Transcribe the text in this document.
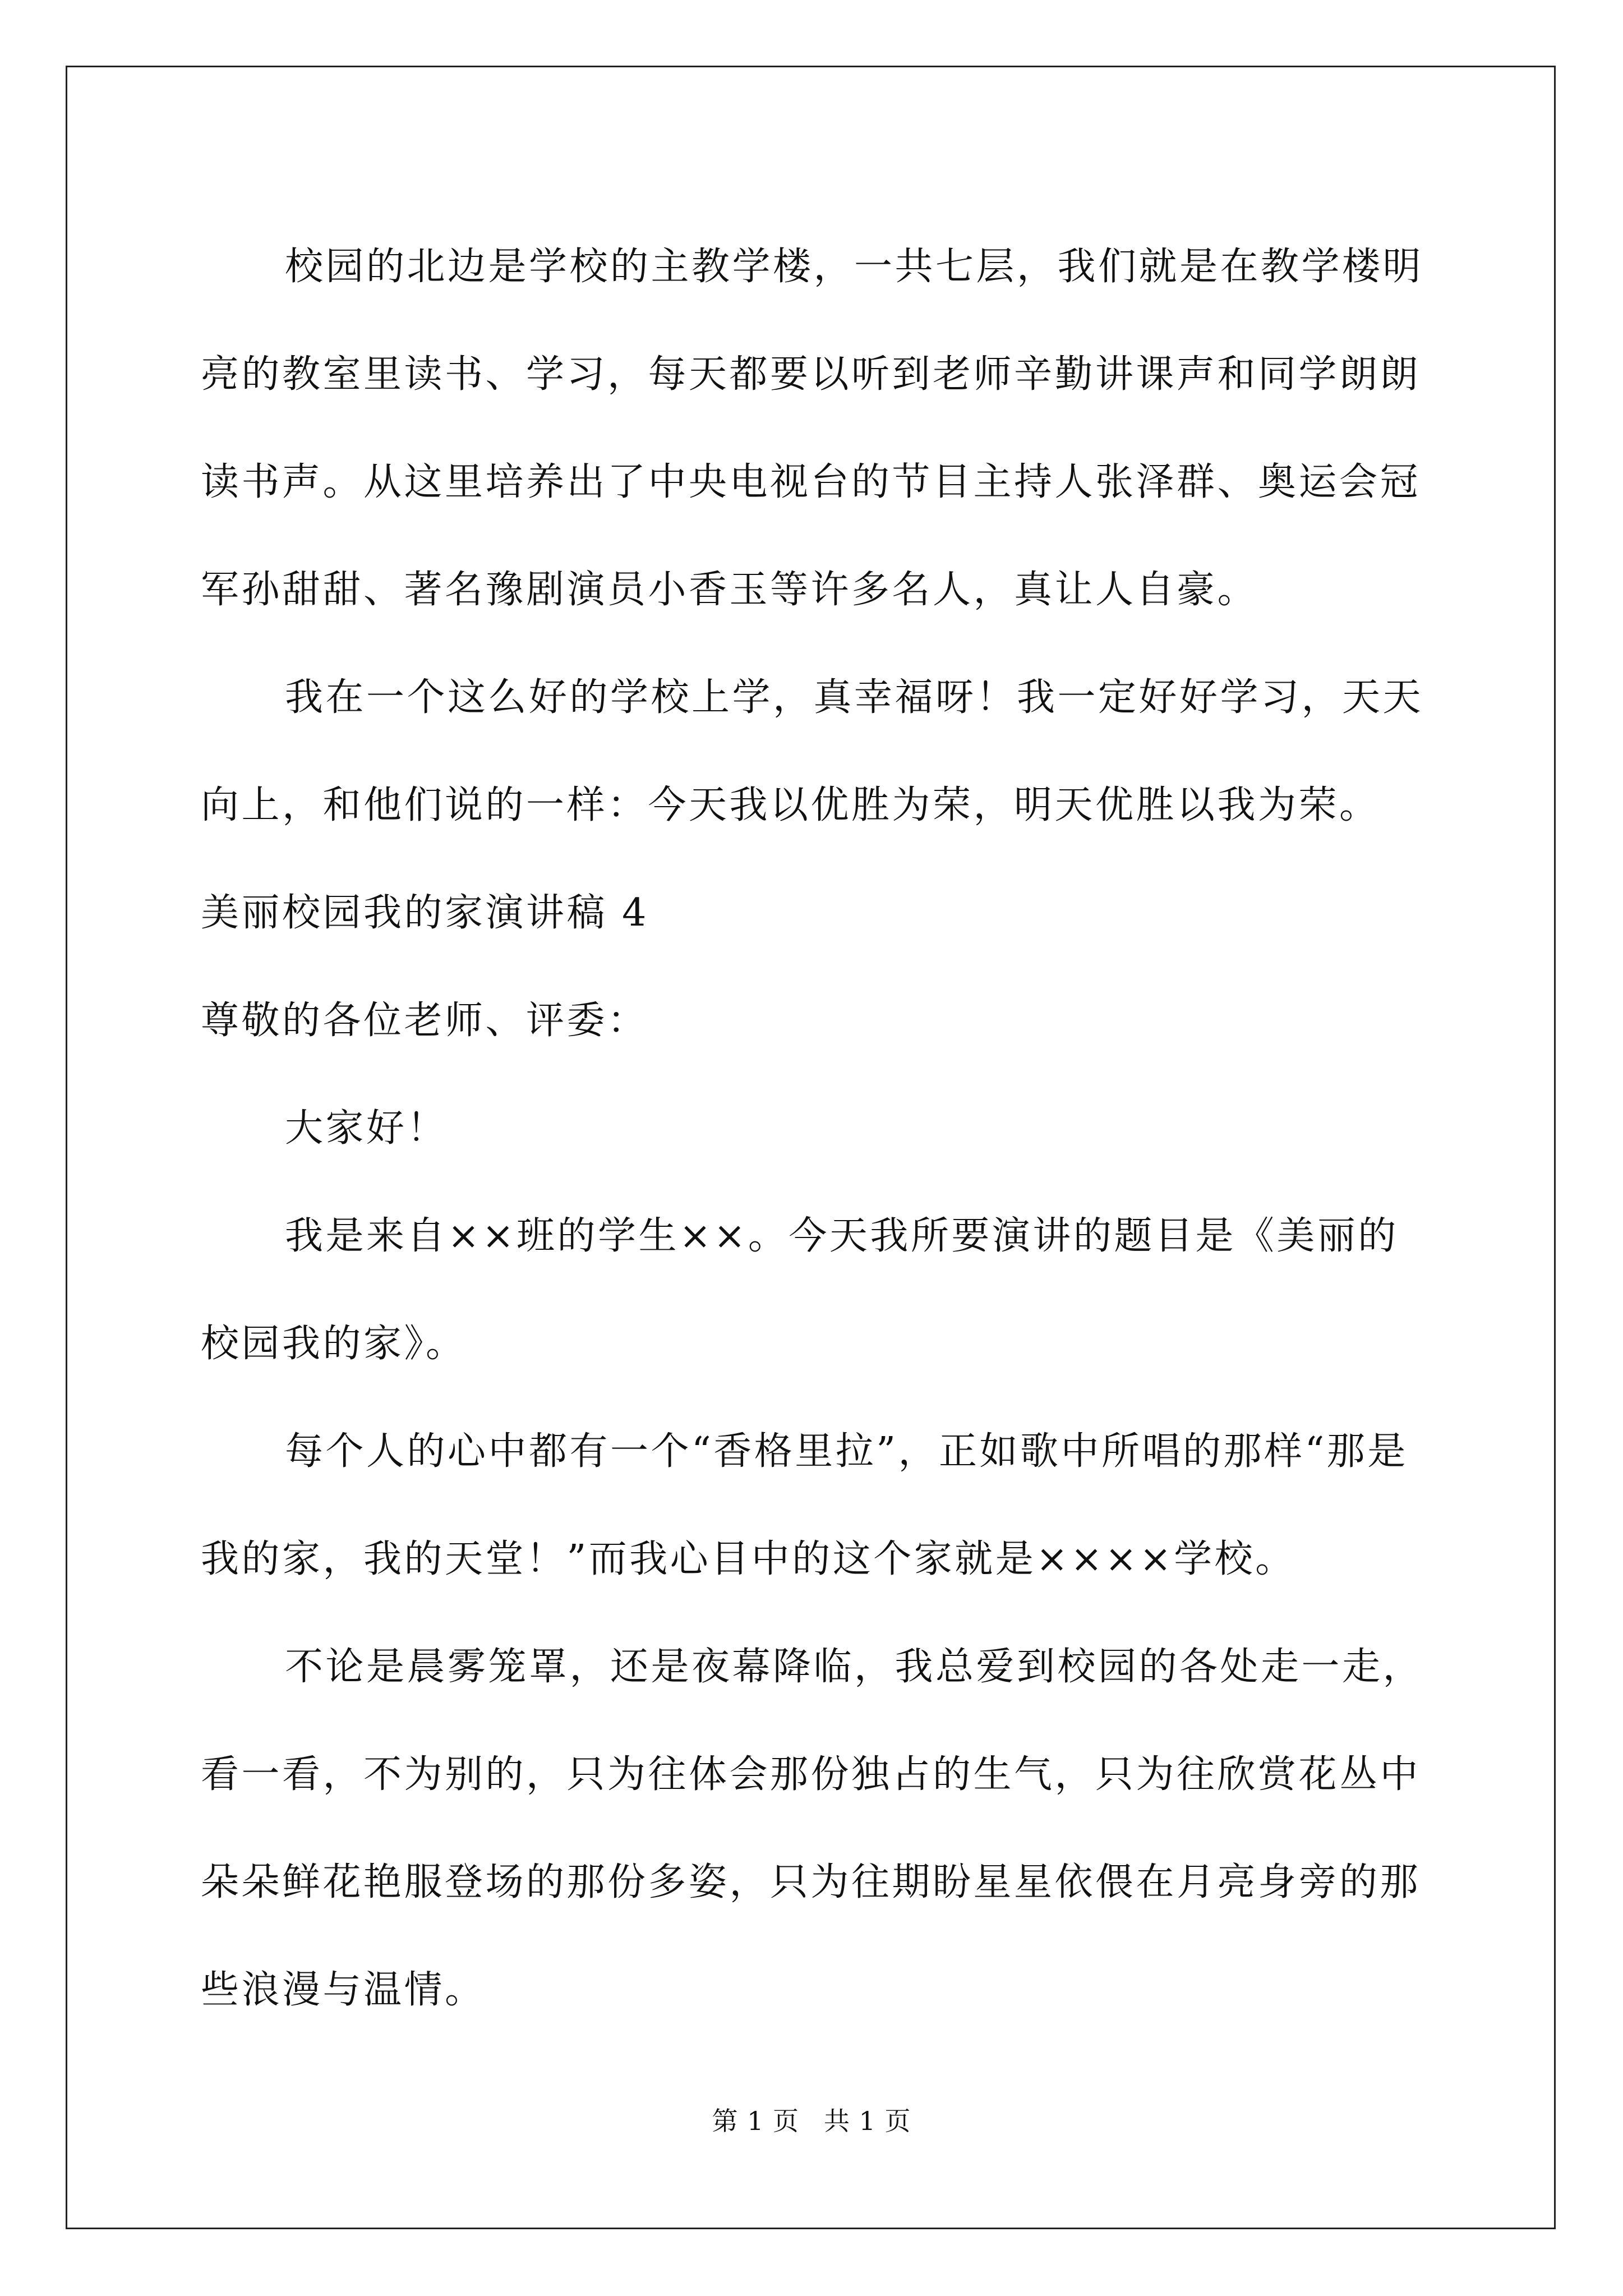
校园的北边是学校的主教学楼，一共七层，我们就是在教学楼明
亮的教室里读书、学习，每天都要以听到老师辛勤讲课声和同学朗朗
读书声。从这里培养出了中央电视台的节目主持人张泽群、奥运会冠
军孙甜甜、著名豫剧演员小香玉等许多名人，真让人自豪。
我在一个这么好的学校上学，真幸福呀！我一定好好学习，天天
向上，和他们说的一样：今天我以优胜为荣，明天优胜以我为荣。
美丽校园我的家演讲稿 4
尊敬的各位老师、评委：
大家好！
我是来自××班的学生××。今天我所要演讲的题目是《美丽的
校园我的家》。
每个人的心中都有一个“香格里拉”，正如歌中所唱的那样“那是
我的家，我的天堂！”而我心目中的这个家就是××××学校。
不论是晨雾笼罩，还是夜幕降临，我总爱到校园的各处走一走，
看一看，不为别的，只为往体会那份独占的生气，只为往欣赏花丛中
朵朵鲜花艳服登场的那份多姿，只为往期盼星星依偎在月亮身旁的那
些浪漫与温情。
第 1 页 共 1 页
